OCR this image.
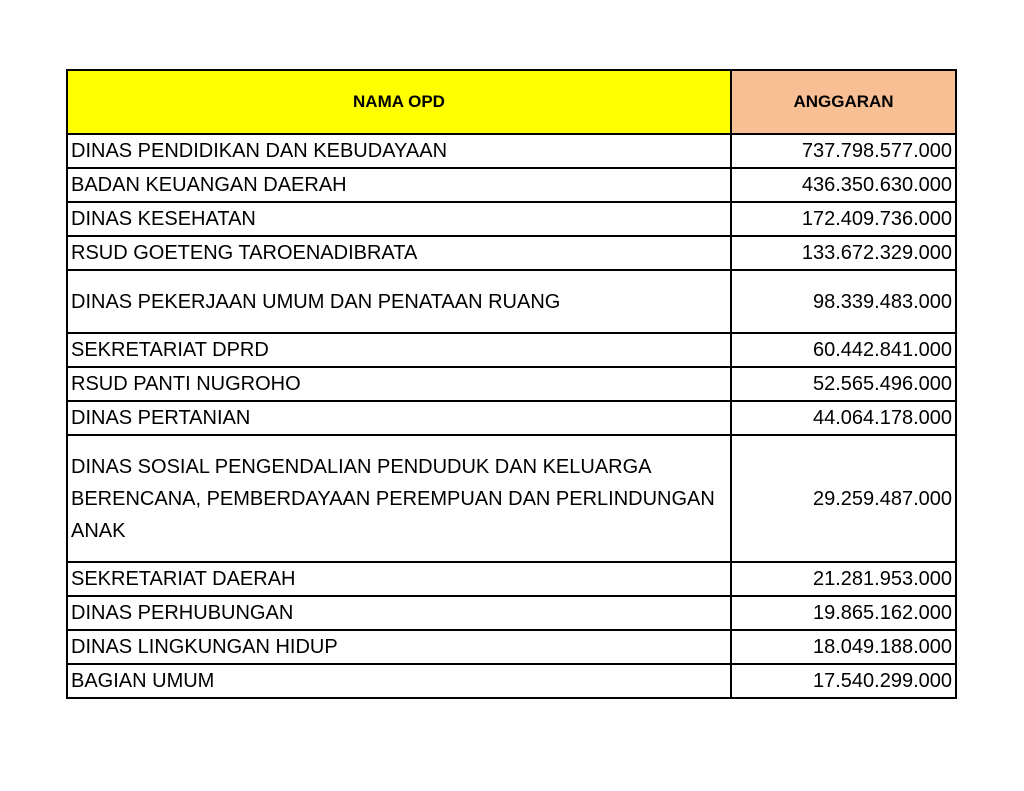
NAMA OPD	ANGGARAN
DINAS PENDIDIKAN DAN KEBUDAYAAN	737.798.577.000
BADAN KEUANGAN DAERAH	436.350.630.000
DINAS KESEHATAN	172.409.736.000
RSUD GOETENG TAROENADIBRATA	133.672.329.000
DINAS PEKERJAAN UMUM DAN PENATAAN RUANG	98.339.483.000
SEKRETARIAT DPRD	60.442.841.000
RSUD PANTI NUGROHO	52.565.496.000
DINAS PERTANIAN	44.064.178.000
DINAS SOSIAL PENGENDALIAN PENDUDUK DAN KELUARGA BERENCANA, PEMBERDAYAAN PEREMPUAN DAN PERLINDUNGAN ANAK	29.259.487.000
SEKRETARIAT DAERAH	21.281.953.000
DINAS PERHUBUNGAN	19.865.162.000
DINAS LINGKUNGAN HIDUP	18.049.188.000
BAGIAN UMUM	17.540.299.000
